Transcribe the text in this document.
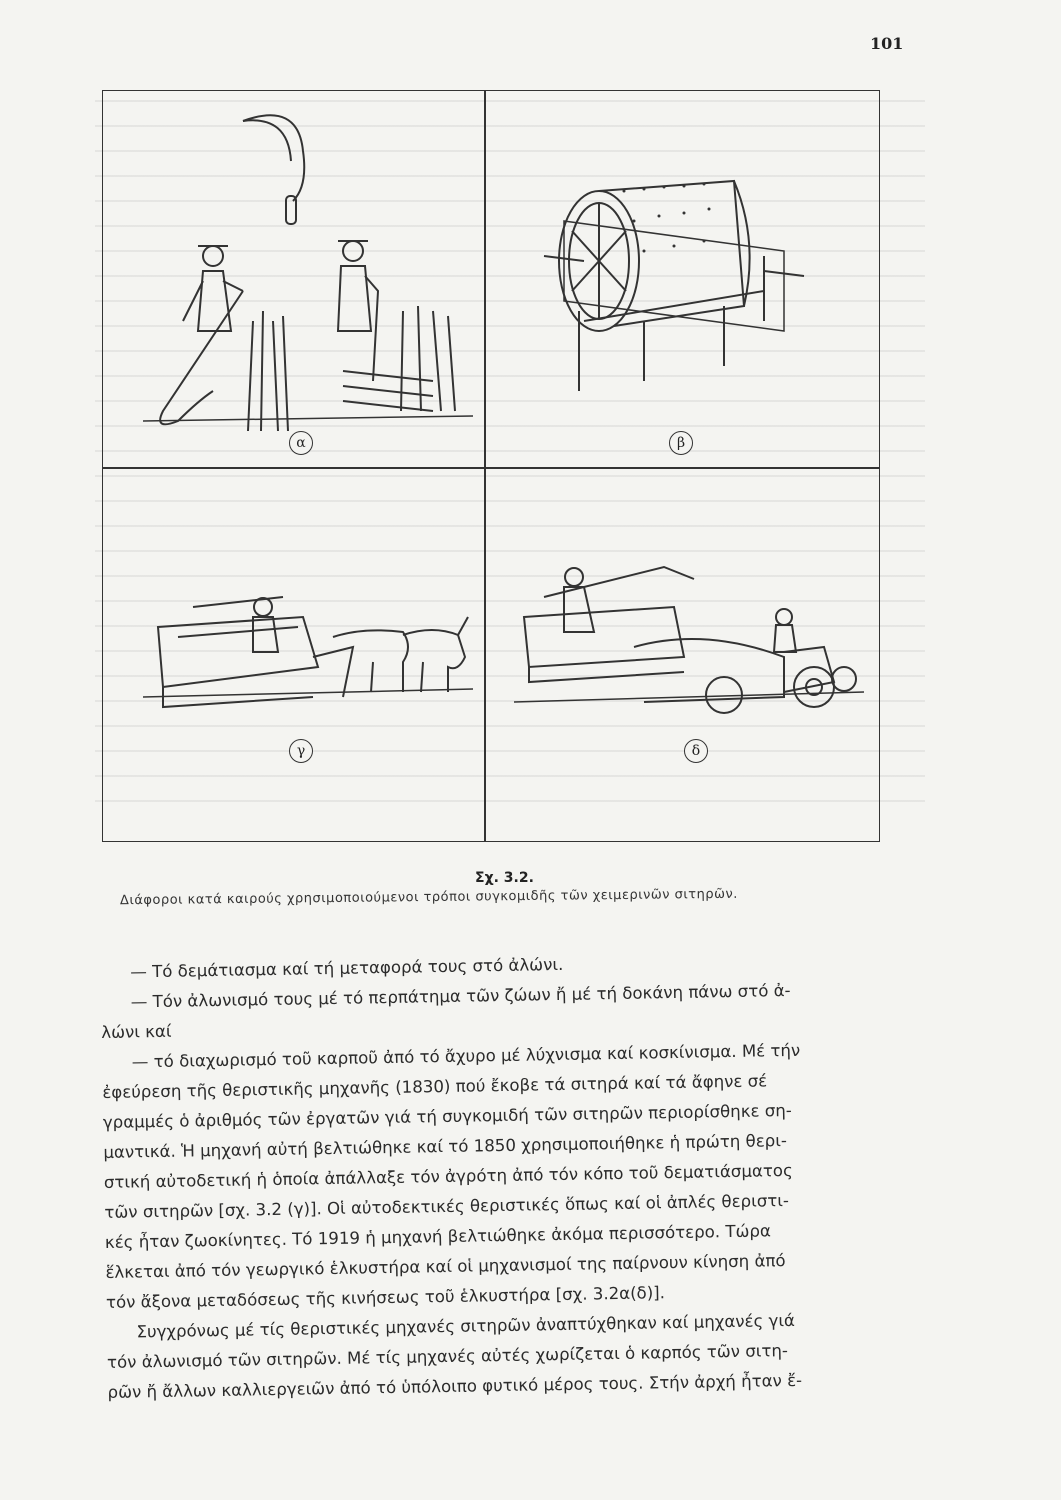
101
α	β
γ	δ
Σχ. 3.2.
Διάφοροι κατά καιρούς χρησιμοποιούμενοι τρόποι συγκομιδῆς τῶν χειμερινῶν σιτηρῶν.
— Τό δεμάτιασμα καί τή μεταφορά τους στό ἀλώνι.
— Τόν ἀλωνισμό τους μέ τό περπάτημα τῶν ζώων ἤ μέ τή δοκάνη πάνω στό ἀ-
λώνι καί
— τό διαχωρισμό τοῦ καρποῦ ἀπό τό ἄχυρο μέ λύχνισμα καί κοσκίνισμα. Μέ τήν
ἐφεύρεση τῆς θεριστικῆς μηχανῆς (1830) πού ἔκοβε τά σιτηρά καί τά ἄφηνε σέ
γραμμές ὁ ἀριθμός τῶν ἐργατῶν γιά τή συγκομιδή τῶν σιτηρῶν περιορίσθηκε ση-
μαντικά. Ἡ μηχανή αὐτή βελτιώθηκε καί τό 1850 χρησιμοποιήθηκε ἡ πρώτη θερι-
στική αὐτοδετική ἡ ὁποία ἀπάλλαξε τόν ἀγρότη ἀπό τόν κόπο τοῦ δεματιάσματος
τῶν σιτηρῶν [σχ. 3.2 (γ)]. Οἱ αὐτοδεκτικές θεριστικές ὅπως καί οἱ ἀπλές θεριστι-
κές ἦταν ζωοκίνητες. Τό 1919 ἡ μηχανή βελτιώθηκε ἀκόμα περισσότερο. Τώρα
ἕλκεται ἀπό τόν γεωργικό ἑλκυστήρα καί οἱ μηχανισμοί της παίρνουν κίνηση ἀπό
τόν ἄξονα μεταδόσεως τῆς κινήσεως τοῦ ἑλκυστήρα [σχ. 3.2α(δ)].
Συγχρόνως μέ τίς θεριστικές μηχανές σιτηρῶν ἀναπτύχθηκαν καί μηχανές γιά
τόν ἀλωνισμό τῶν σιτηρῶν. Μέ τίς μηχανές αὐτές χωρίζεται ὁ καρπός τῶν σιτη-
ρῶν ἤ ἄλλων καλλιεργειῶν ἀπό τό ὑπόλοιπο φυτικό μέρος τους. Στήν ἀρχή ἦταν ἔ-
